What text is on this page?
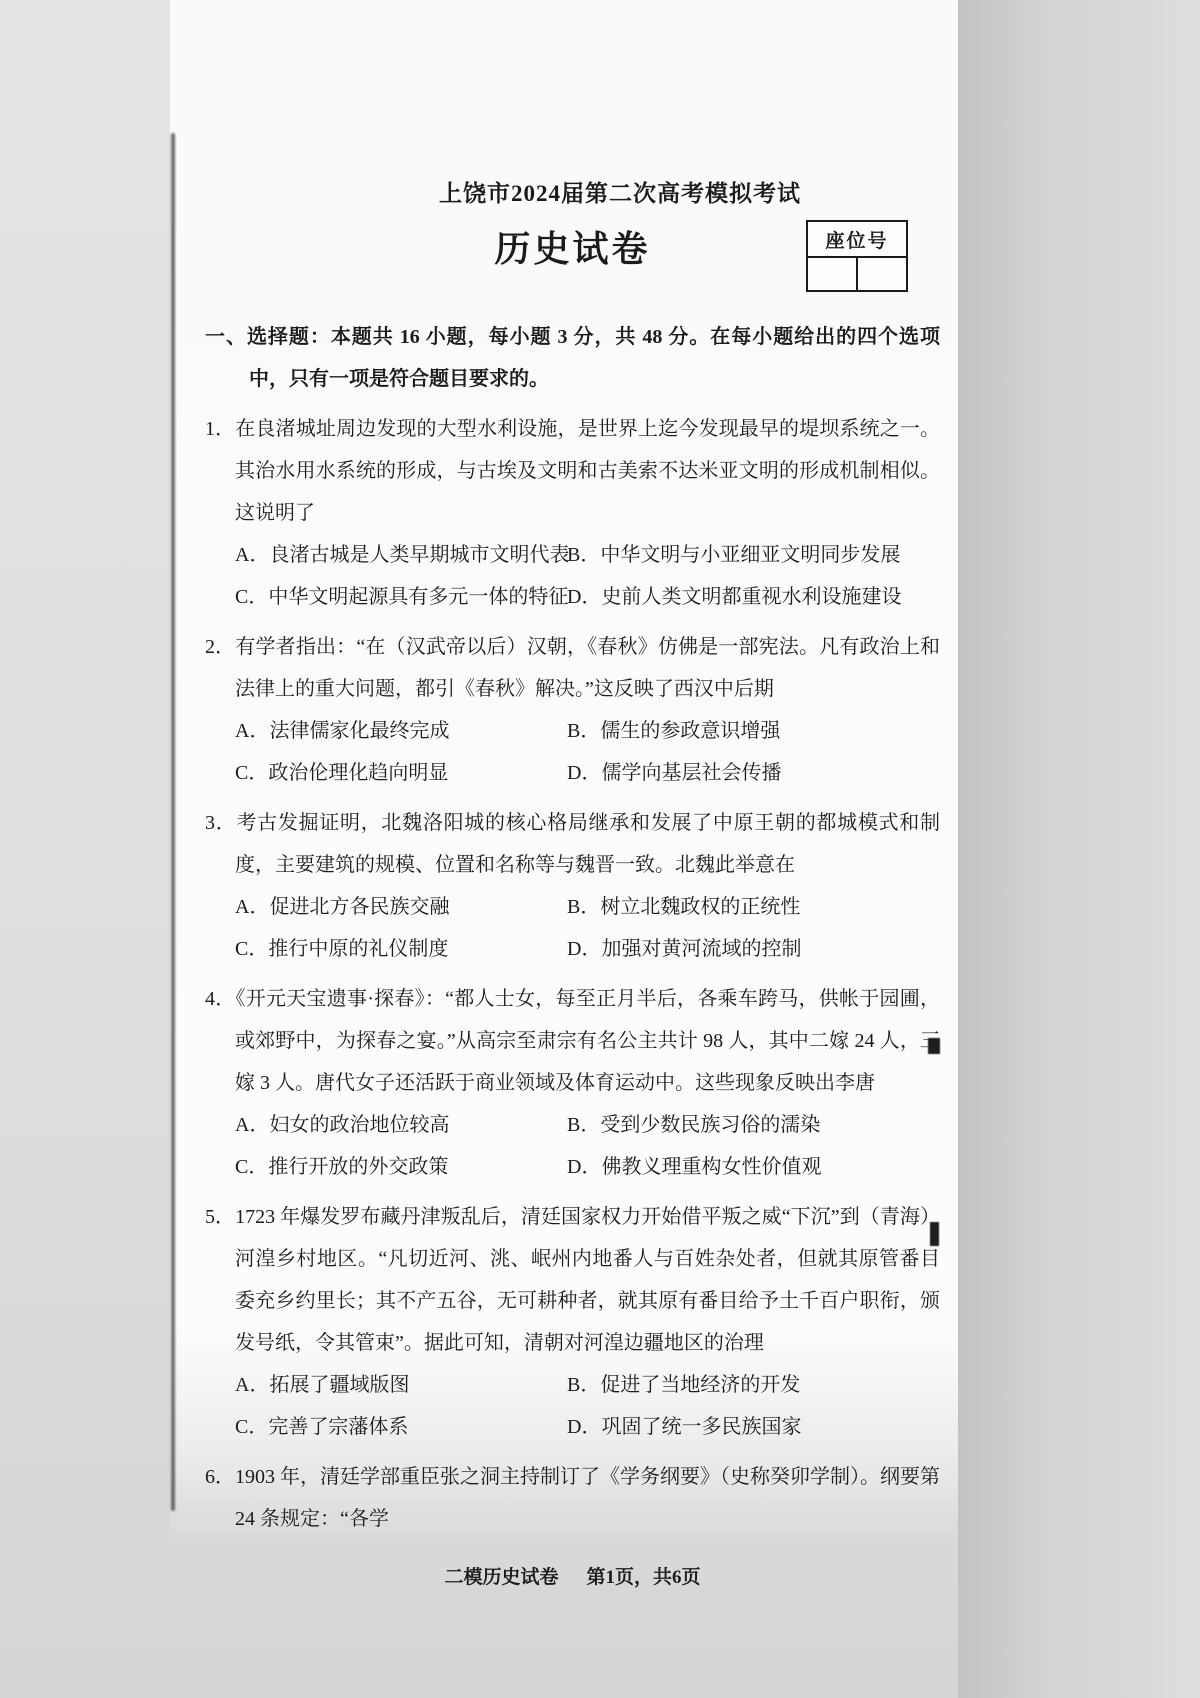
座位号
上饶市2024届第二次高考模拟考试
历史试卷
一、选择题：本题共 16 小题，每小题 3 分，共 48 分。在每小题给出的四个选项中，只有一项是符合题目要求的。
1．在良渚城址周边发现的大型水利设施，是世界上迄今发现最早的堤坝系统之一。其治水用水系统的形成，与古埃及文明和古美索不达米亚文明的形成机制相似。这说明了
A．良渚古城是人类早期城市文明代表
B．中华文明与小亚细亚文明同步发展
C．中华文明起源具有多元一体的特征
D．史前人类文明都重视水利设施建设
2．有学者指出：“在（汉武帝以后）汉朝，《春秋》仿佛是一部宪法。凡有政治上和法律上的重大问题，都引《春秋》解决。”这反映了西汉中后期
A．法律儒家化最终完成	B．儒生的参政意识增强
C．政治伦理化趋向明显	D．儒学向基层社会传播
3．考古发掘证明，北魏洛阳城的核心格局继承和发展了中原王朝的都城模式和制度，主要建筑的规模、位置和名称等与魏晋一致。北魏此举意在
A．促进北方各民族交融	B．树立北魏政权的正统性
C．推行中原的礼仪制度	D．加强对黄河流域的控制
4．《开元天宝遗事·探春》：“都人士女，每至正月半后，各乘车跨马，供帐于园圃，或郊野中，为探春之宴。”从高宗至肃宗有名公主共计 98 人，其中二嫁 24 人，三嫁 3 人。唐代女子还活跃于商业领域及体育运动中。这些现象反映出李唐
A．妇女的政治地位较高	B．受到少数民族习俗的濡染
C．推行开放的外交政策	D．佛教义理重构女性价值观
5．1723 年爆发罗布藏丹津叛乱后，清廷国家权力开始借平叛之威“下沉”到（青海）河湟乡村地区。“凡切近河、洮、岷州内地番人与百姓杂处者，但就其原管番目委充乡约里长；其不产五谷，无可耕种者，就其原有番目给予土千百户职衔，颁发号纸，令其管束”。据此可知，清朝对河湟边疆地区的治理
A．拓展了疆域版图	B．促进了当地经济的开发
C．完善了宗藩体系	D．巩固了统一多民族国家
6．1903 年，清廷学部重臣张之洞主持制订了《学务纲要》（史称癸卯学制）。纲要第 24 条规定：“各学
二模历史试卷 第1页，共6页
